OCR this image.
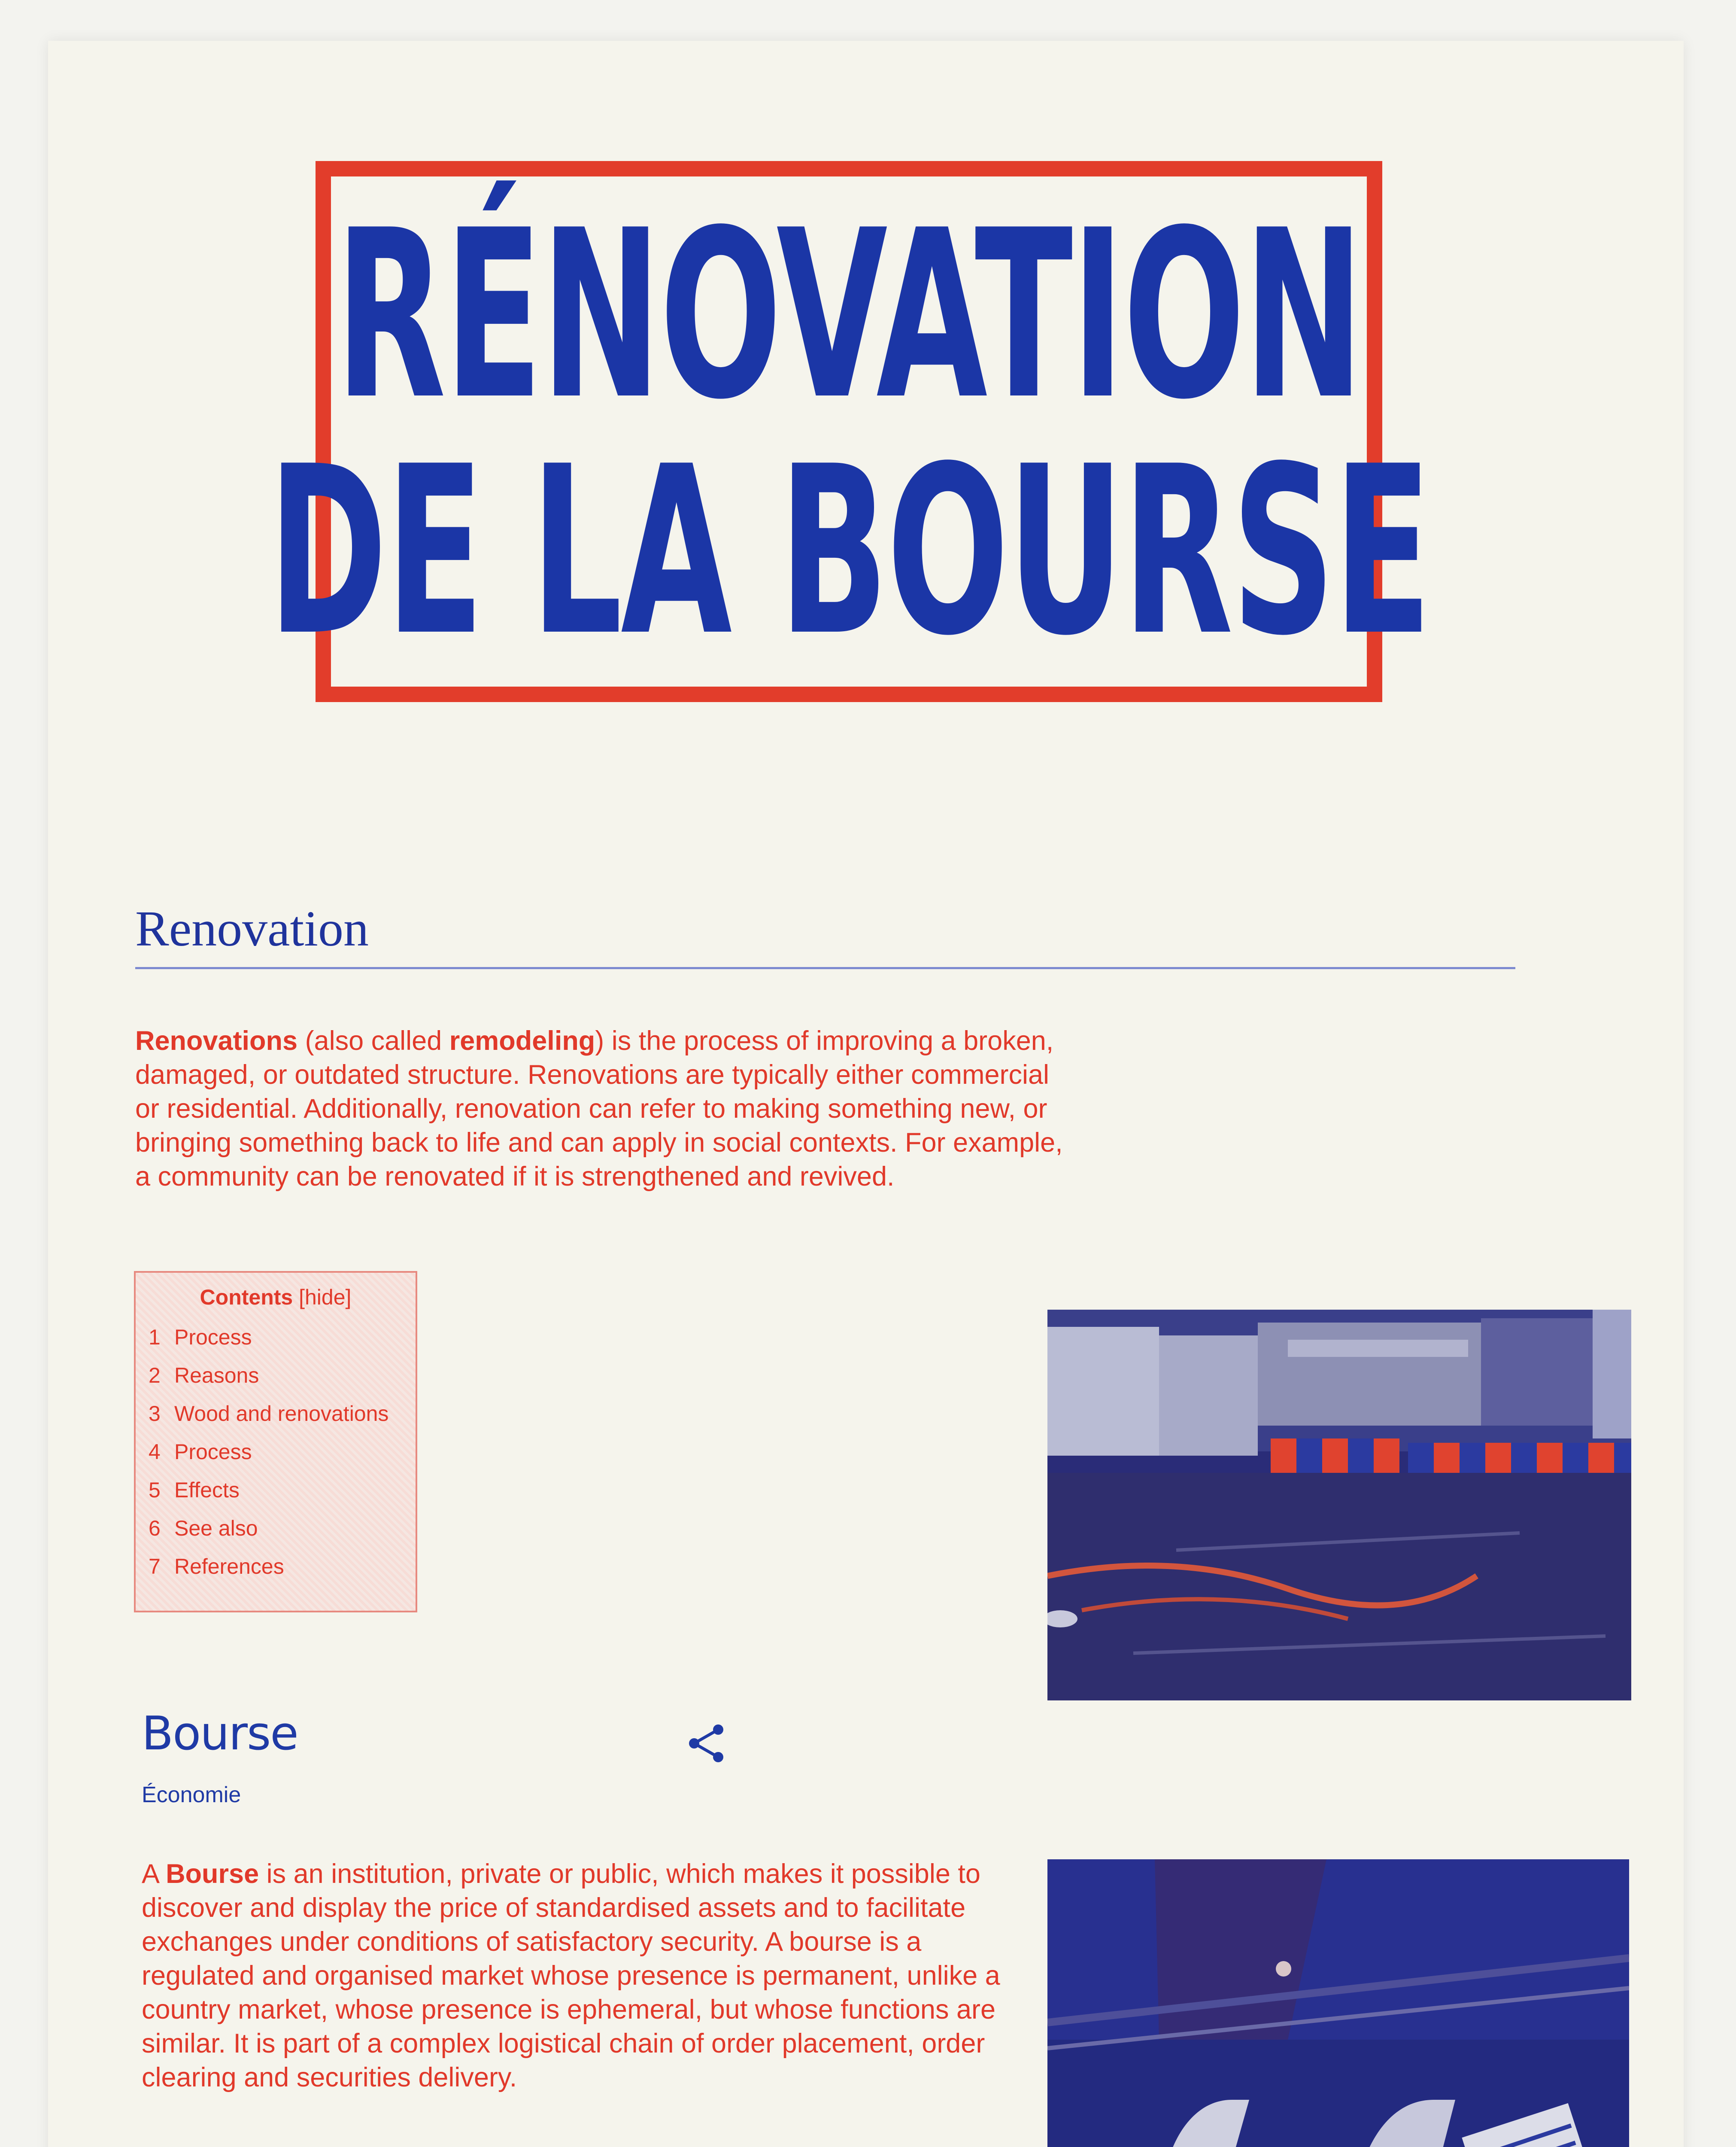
RÉNOVATION
DE LA BOURSE
Renovation
Renovations (also called remodeling) is the process of improving a broken, damaged, or outdated structure. Renovations are typically either commercial or residential. Additionally, renovation can refer to making something new, or bringing something back to life and can apply in social contexts. For example, a community can be renovated if it is strengthened and revived.
Contents [hide]
1 Process
2 Reasons
3 Wood and renovations
4 Process
5 Effects
6 See also
7 References
Bourse
Économie
A Bourse is an institution, private or public, which makes it possible to discover and display the price of standardised assets and to facilitate exchanges under conditions of satisfactory security. A bourse is a regulated and organised market whose presence is permanent, unlike a country market, whose presence is ephemeral, but whose functions are similar. It is part of a complex logistical chain of order placement, order clearing and securities delivery.
